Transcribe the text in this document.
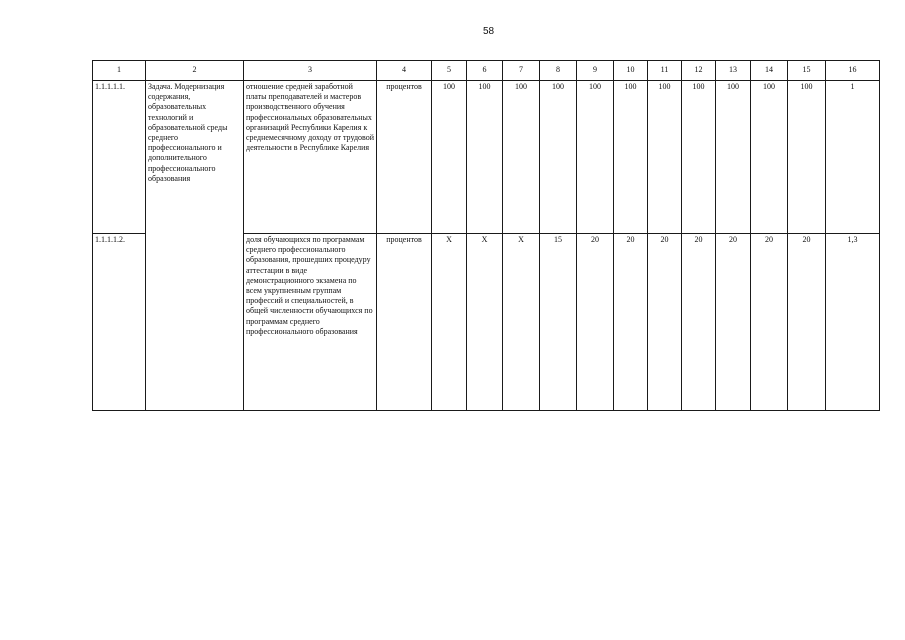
58
1	2	3	4	5	6	7	8	9	10	11	12	13	14	15	16
1.1.1.1.1.	Задача. Модернизация содержания, образовательных технологий и образовательной среды среднего профессионального и дополнительного профессионального образования	отношение средней заработной платы преподавателей и мастеров производственного обучения профессиональных образовательных организаций Республики Карелия к среднемесячному доходу от трудовой деятельности в Республике Карелия	процентов	100	100	100	100	100	100	100	100	100	100	100	1
1.1.1.1.2.		доля обучающихся по программам среднего профессионального образования, прошедших процедуру аттестации в виде демонстрационного экзамена по всем укрупненным группам профессий и специальностей, в общей численности обучающихся по программам среднего профессионального образования	процентов	Х	Х	Х	15	20	20	20	20	20	20	20	1,3
